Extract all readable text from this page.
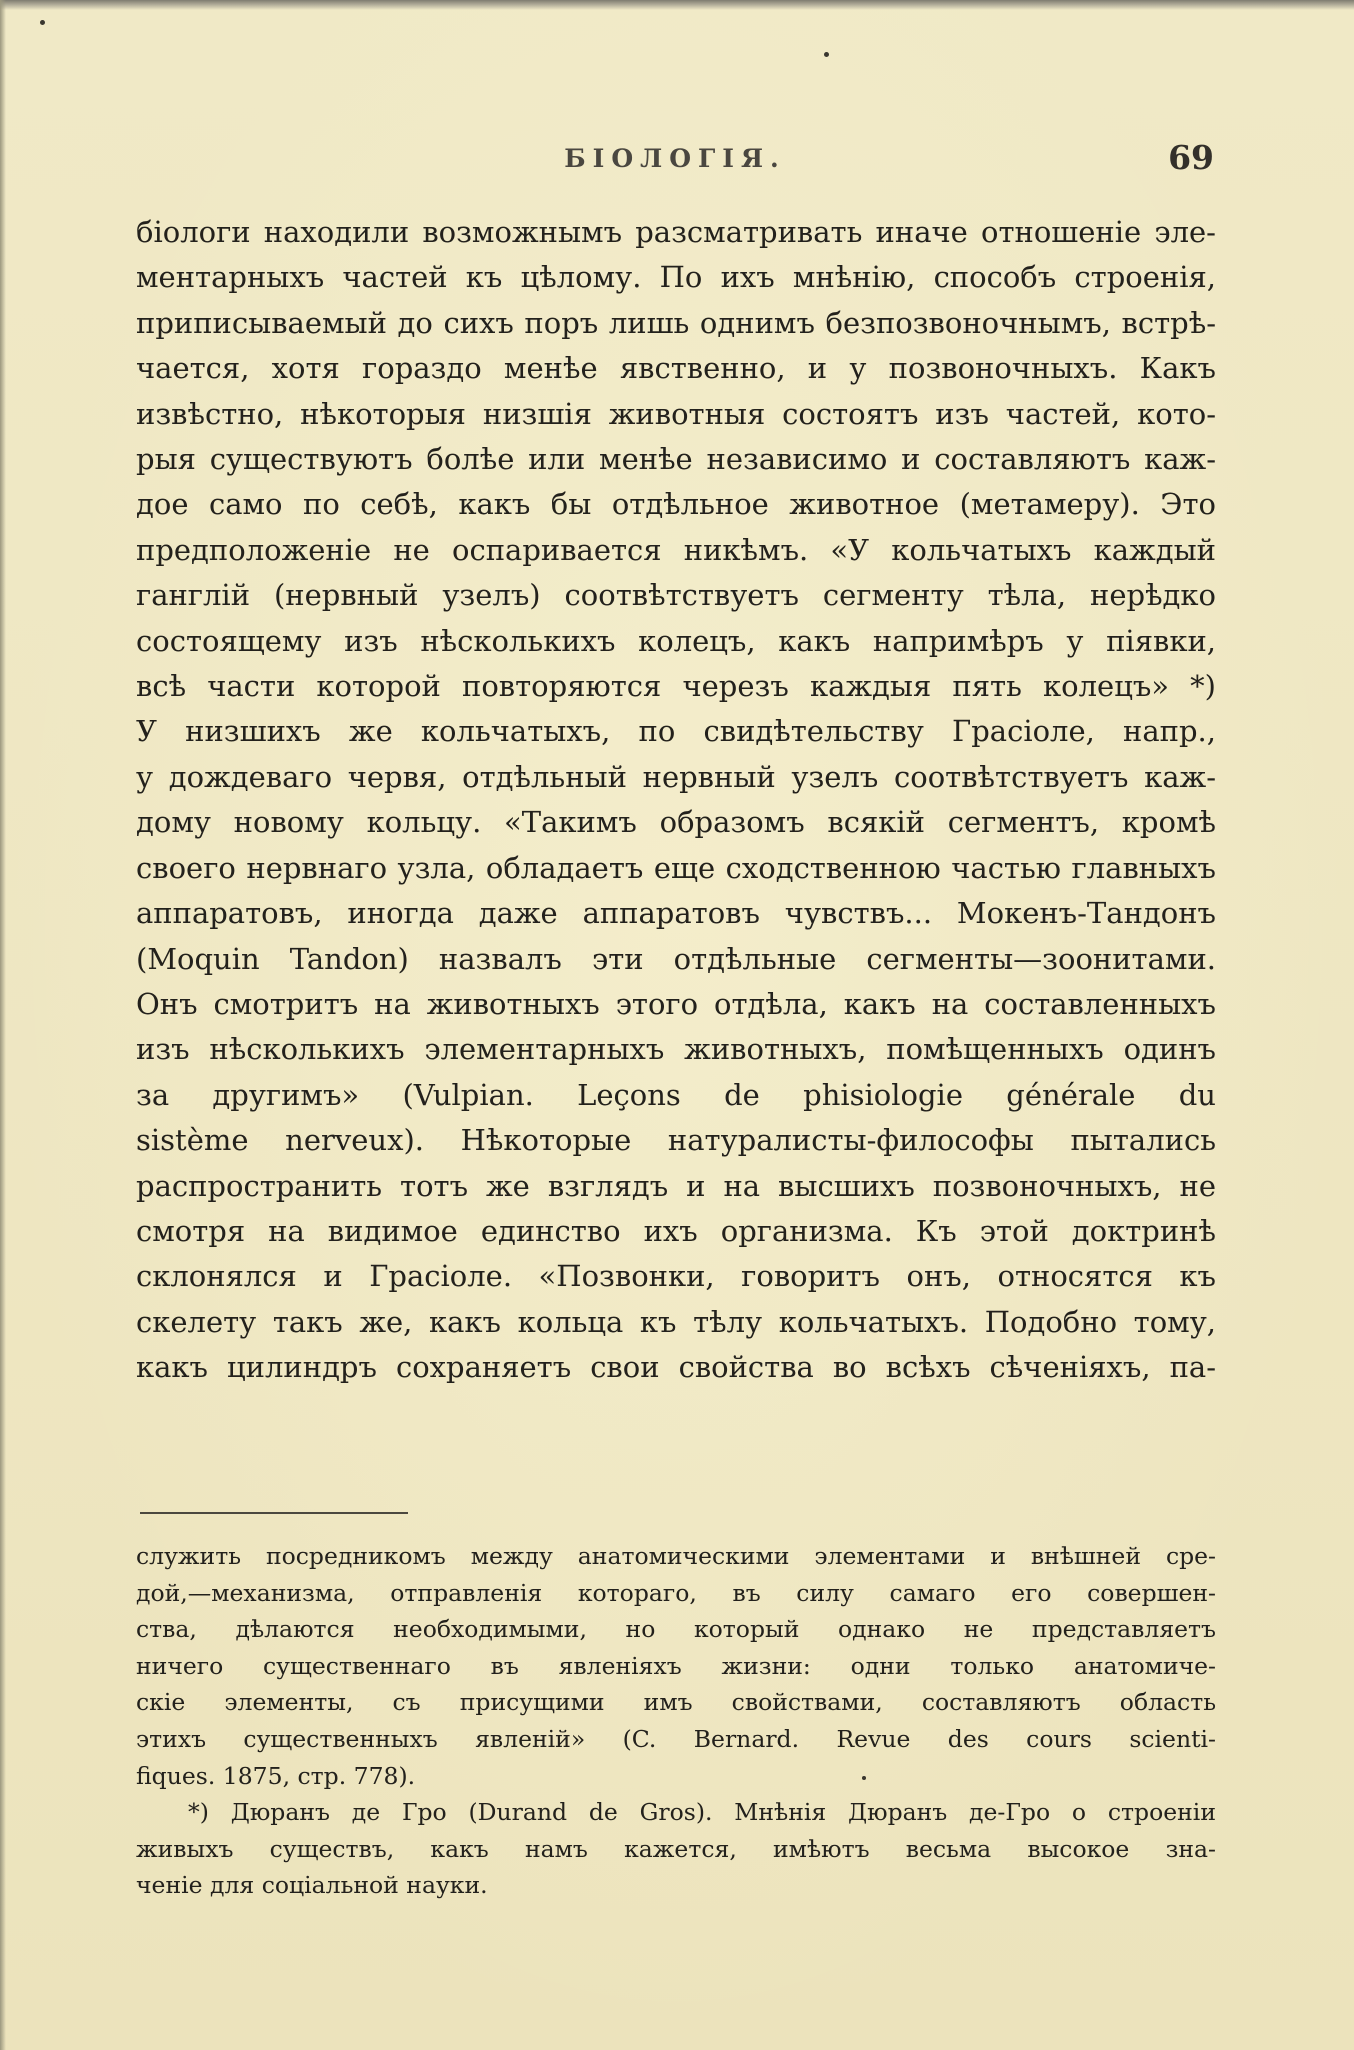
БІОЛОГІЯ.	69
біологи находили возможнымъ разсматривать иначе отношеніе эле-
ментарныхъ частей къ цѣлому. По ихъ мнѣнію, способъ строенія,
приписываемый до сихъ поръ лишь однимъ безпозвоночнымъ, встрѣ-
чается, хотя гораздо менѣе явственно, и у позвоночныхъ. Какъ
извѣстно, нѣкоторыя низшія животныя состоятъ изъ частей, кото-
рыя существуютъ болѣе или менѣе независимо и составляютъ каж-
дое само по себѣ, какъ бы отдѣльное животное (метамеру). Это
предположеніе не оспаривается никѣмъ. «У кольчатыхъ каждый
ганглій (нервный узелъ) соотвѣтствуетъ сегменту тѣла, нерѣдко
состоящему изъ нѣсколькихъ колецъ, какъ напримѣръ у піявки,
всѣ части которой повторяются черезъ каждыя пять колецъ» *)
У низшихъ же кольчатыхъ, по свидѣтельству Грасіоле, напр.,
у дождеваго червя, отдѣльный нервный узелъ соотвѣтствуетъ каж-
дому новому кольцу. «Такимъ образомъ всякій сегментъ, кромѣ
своего нервнаго узла, обладаетъ еще сходственною частью главныхъ
аппаратовъ, иногда даже аппаратовъ чувствъ... Мокенъ-Тандонъ
(Moquin Tandon) назвалъ эти отдѣльные сегменты—зоонитами.
Онъ смотритъ на животныхъ этого отдѣла, какъ на составленныхъ
изъ нѣсколькихъ элементарныхъ животныхъ, помѣщенныхъ одинъ
за другимъ» (Vulpian. Leçons de phisiologie générale du
sistème nerveux). Нѣкоторые натуралисты-философы пытались
распространить тотъ же взглядъ и на высшихъ позвоночныхъ, не
смотря на видимое единство ихъ организма. Къ этой доктринѣ
склонялся и Грасіоле. «Позвонки, говоритъ онъ, относятся къ
скелету такъ же, какъ кольца къ тѣлу кольчатыхъ. Подобно тому,
какъ цилиндръ сохраняетъ свои свойства во всѣхъ сѣченіяхъ, па-
служить посредникомъ между анатомическими элементами и внѣшней сре-
дой,—механизма, отправленія котораго, въ силу самаго его совершен-
ства, дѣлаются необходимыми, но который однако не представляетъ
ничего существеннаго въ явленіяхъ жизни: одни только анатомиче-
скіе элементы, съ присущими имъ свойствами, составляютъ область
этихъ существенныхъ явленій» (C. Bernard. Revue des cours scienti-
fiques. 1875, стр. 778).
*) Дюранъ де Гро (Durand de Gros). Мнѣнія Дюранъ де-Гро о строеніи
живыхъ существъ, какъ намъ кажется, имѣютъ весьма высокое зна-
ченіе для соціальной науки.
